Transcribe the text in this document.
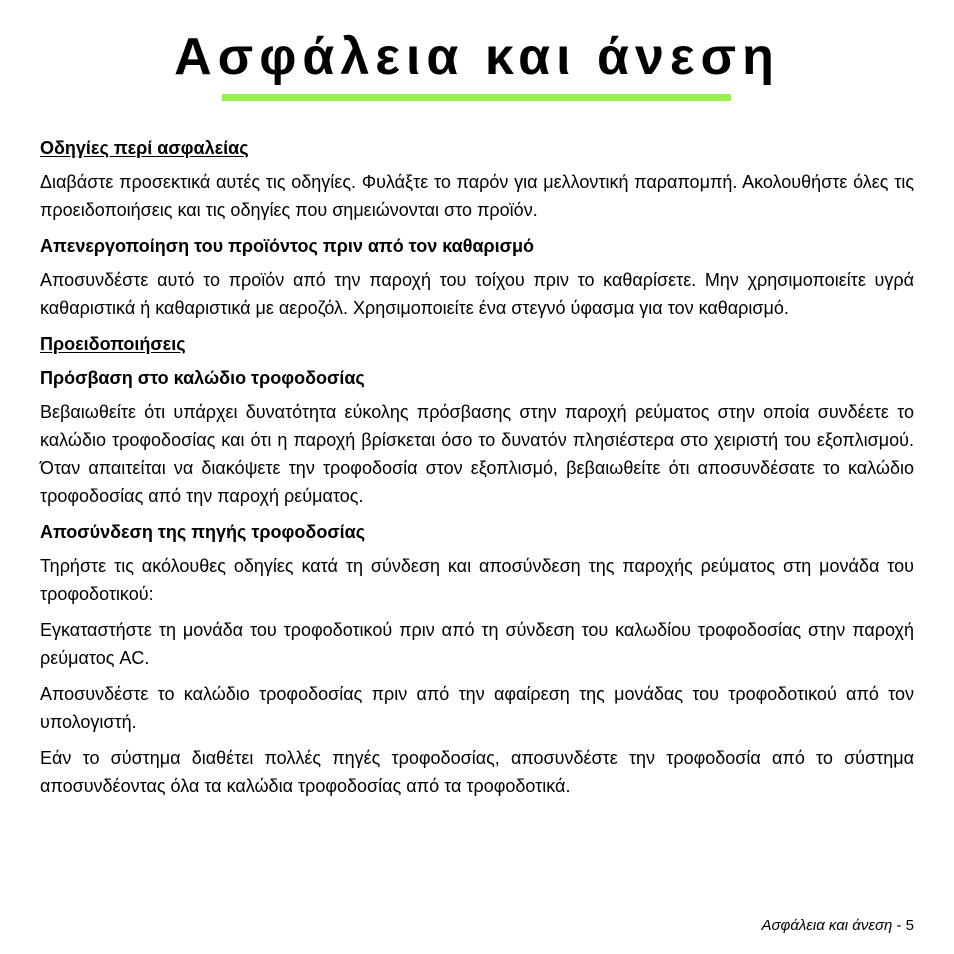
Ασφάλεια και άνεση
Οδηγίες περί ασφαλείας

Διαβάστε προσεκτικά αυτές τις οδηγίες. Φυλάξτε το παρόν για μελλοντική παραπομπή. Ακολουθήστε όλες τις προειδοποιήσεις και τις οδηγίες που σημειώνονται στο προϊόν.

Απενεργοποίηση του προϊόντος πριν από τον καθαρισμό

Αποσυνδέστε αυτό το προϊόν από την παροχή του τοίχου πριν το καθαρίσετε. Μην χρησιμοποιείτε υγρά καθαριστικά ή καθαριστικά με αεροζόλ. Χρησιμοποιείτε ένα στεγνό ύφασμα για τον καθαρισμό.

Προειδοποιήσεις
Πρόσβαση στο καλώδιο τροφοδοσίας

Βεβαιωθείτε ότι υπάρχει δυνατότητα εύκολης πρόσβασης στην παροχή ρεύματος στην οποία συνδέετε το καλώδιο τροφοδοσίας και ότι η παροχή βρίσκεται όσο το δυνατόν πλησιέστερα στο χειριστή του εξοπλισμού. Όταν απαιτείται να διακόψετε την τροφοδοσία στον εξοπλισμό, βεβαιωθείτε ότι αποσυνδέσατε το καλώδιο τροφοδοσίας από την παροχή ρεύματος.

Αποσύνδεση της πηγής τροφοδοσίας

Τηρήστε τις ακόλουθες οδηγίες κατά τη σύνδεση και αποσύνδεση της παροχής ρεύματος στη μονάδα του τροφοδοτικού:

Εγκαταστήστε τη μονάδα του τροφοδοτικού πριν από τη σύνδεση του καλωδίου τροφοδοσίας στην παροχή ρεύματος AC.

Αποσυνδέστε το καλώδιο τροφοδοσίας πριν από την αφαίρεση της μονάδας του τροφοδοτικού από τον υπολογιστή.

Εάν το σύστημα διαθέτει πολλές πηγές τροφοδοσίας, αποσυνδέστε την τροφοδοσία από το σύστημα αποσυνδέοντας όλα τα καλώδια τροφοδοσίας από τα τροφοδοτικά.

Ασφάλεια και άνεση - 5
